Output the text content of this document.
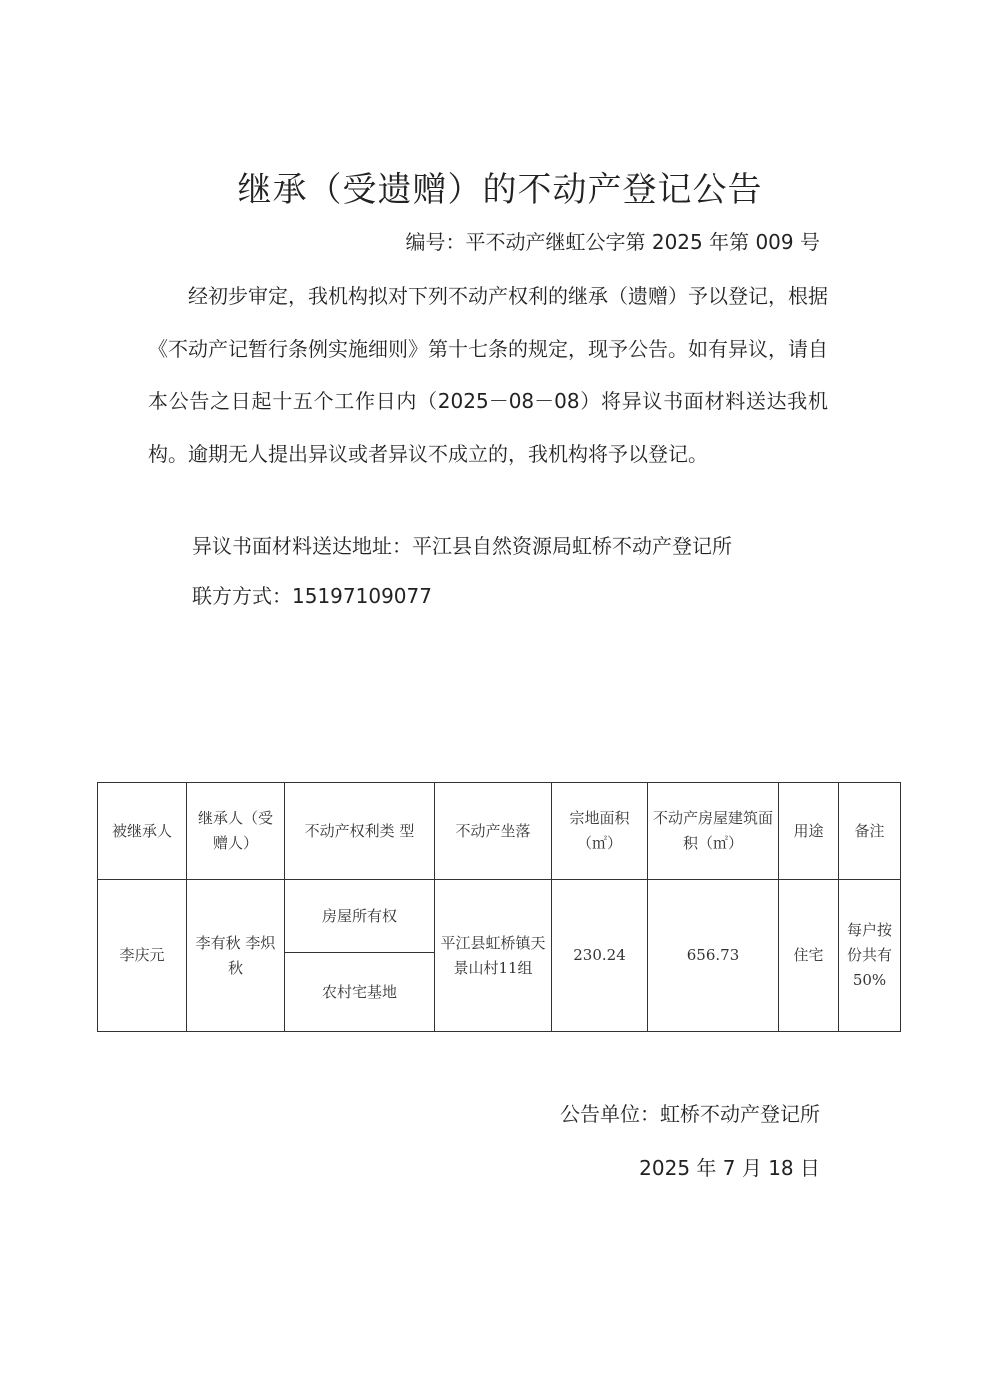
继承（受遗赠）的不动产登记公告
编号：平不动产继虹公字第 2025 年第 009 号

经初步审定，我机构拟对下列不动产权利的继承（遗赠）予以登记，根据《不动产记暂行条例实施细则》第十七条的规定，现予公告。如有异议，请自本公告之日起十五个工作日内（2025－08－08）将异议书面材料送达我机构。逾期无人提出异议或者异议不成立的，我机构将予以登记。

异议书面材料送达地址：平江县自然资源局虹桥不动产登记所
联方方式：15197109077
被继承人	继承人（受赠人）	不动产权利类 型	不动产坐落	宗地面积（㎡）	不动产房屋建筑面积（㎡）	用途	备注
李庆元	李有秋 李炽秋	房屋所有权	平江县虹桥镇天景山村11组	230.24	656.73	住宅	每户按份共有50%
		农村宅基地					
公告单位：虹桥不动产登记所
2025 年 7 月 18 日
